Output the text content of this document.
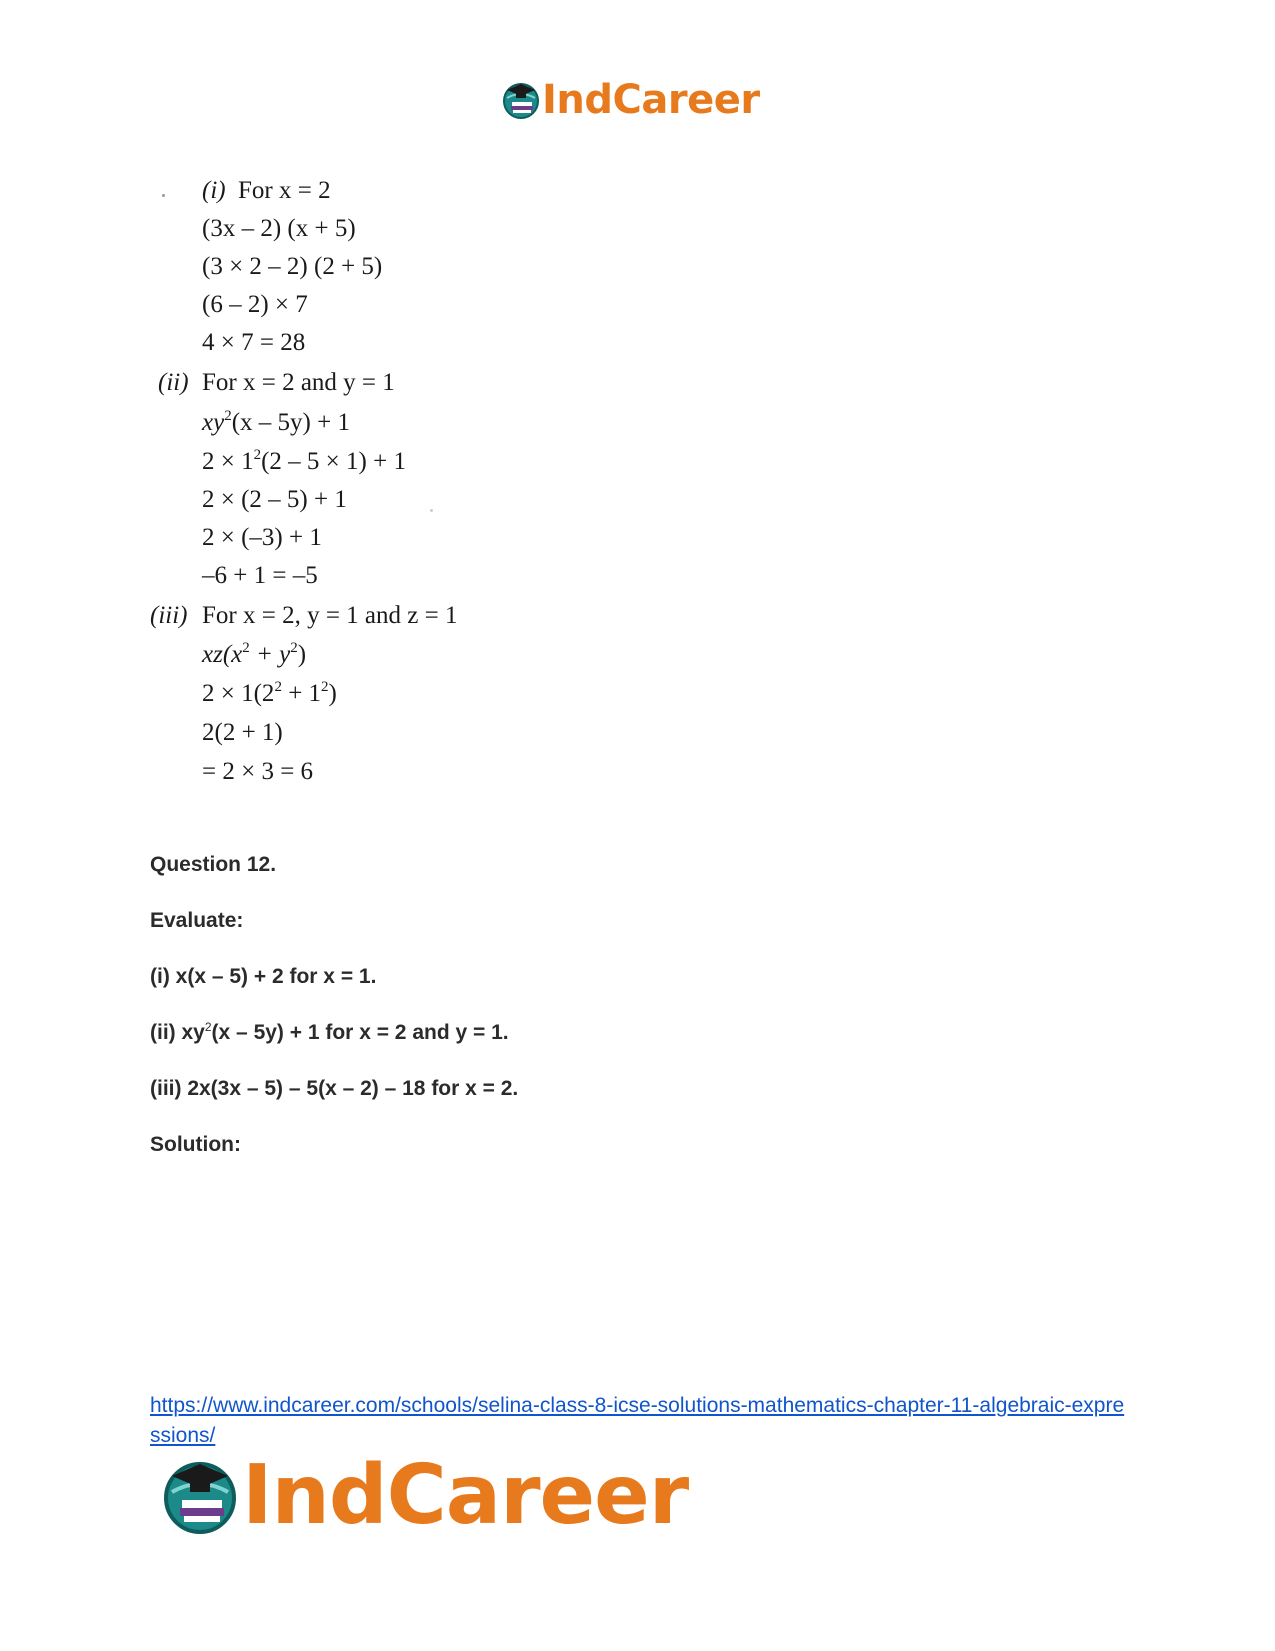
IndCareer
(i) For x = 2
(3x – 2) (x + 5)
(3 × 2 – 2) (2 + 5)
(6 – 2) × 7
4 × 7 = 28
(ii) For x = 2 and y = 1
$xy^2(x - 5y) + 1$
$2 \times 1^2(2 - 5 \times 1) + 1$
2 × (2 – 5) + 1
2 × (–3) + 1
–6 + 1 = –5
(iii) For x = 2, y = 1 and z = 1
$xz(x^2 + y^2)$
$2 \times 1(2^2 + 1^2)$
2(2 + 1)
= 2 × 3 = 6
Question 12.
Evaluate:
(i) x(x – 5) + 2 for x = 1.
(ii) $xy^2(x - 5y) + 1$ for x = 2 and y = 1.
(iii) 2x(3x – 5) – 5(x – 2) – 18 for x = 2.
Solution:
https://www.indcareer.com/schools/selina-class-8-icse-solutions-mathematics-chapter-11-algebraic-expressions/
IndCareer
